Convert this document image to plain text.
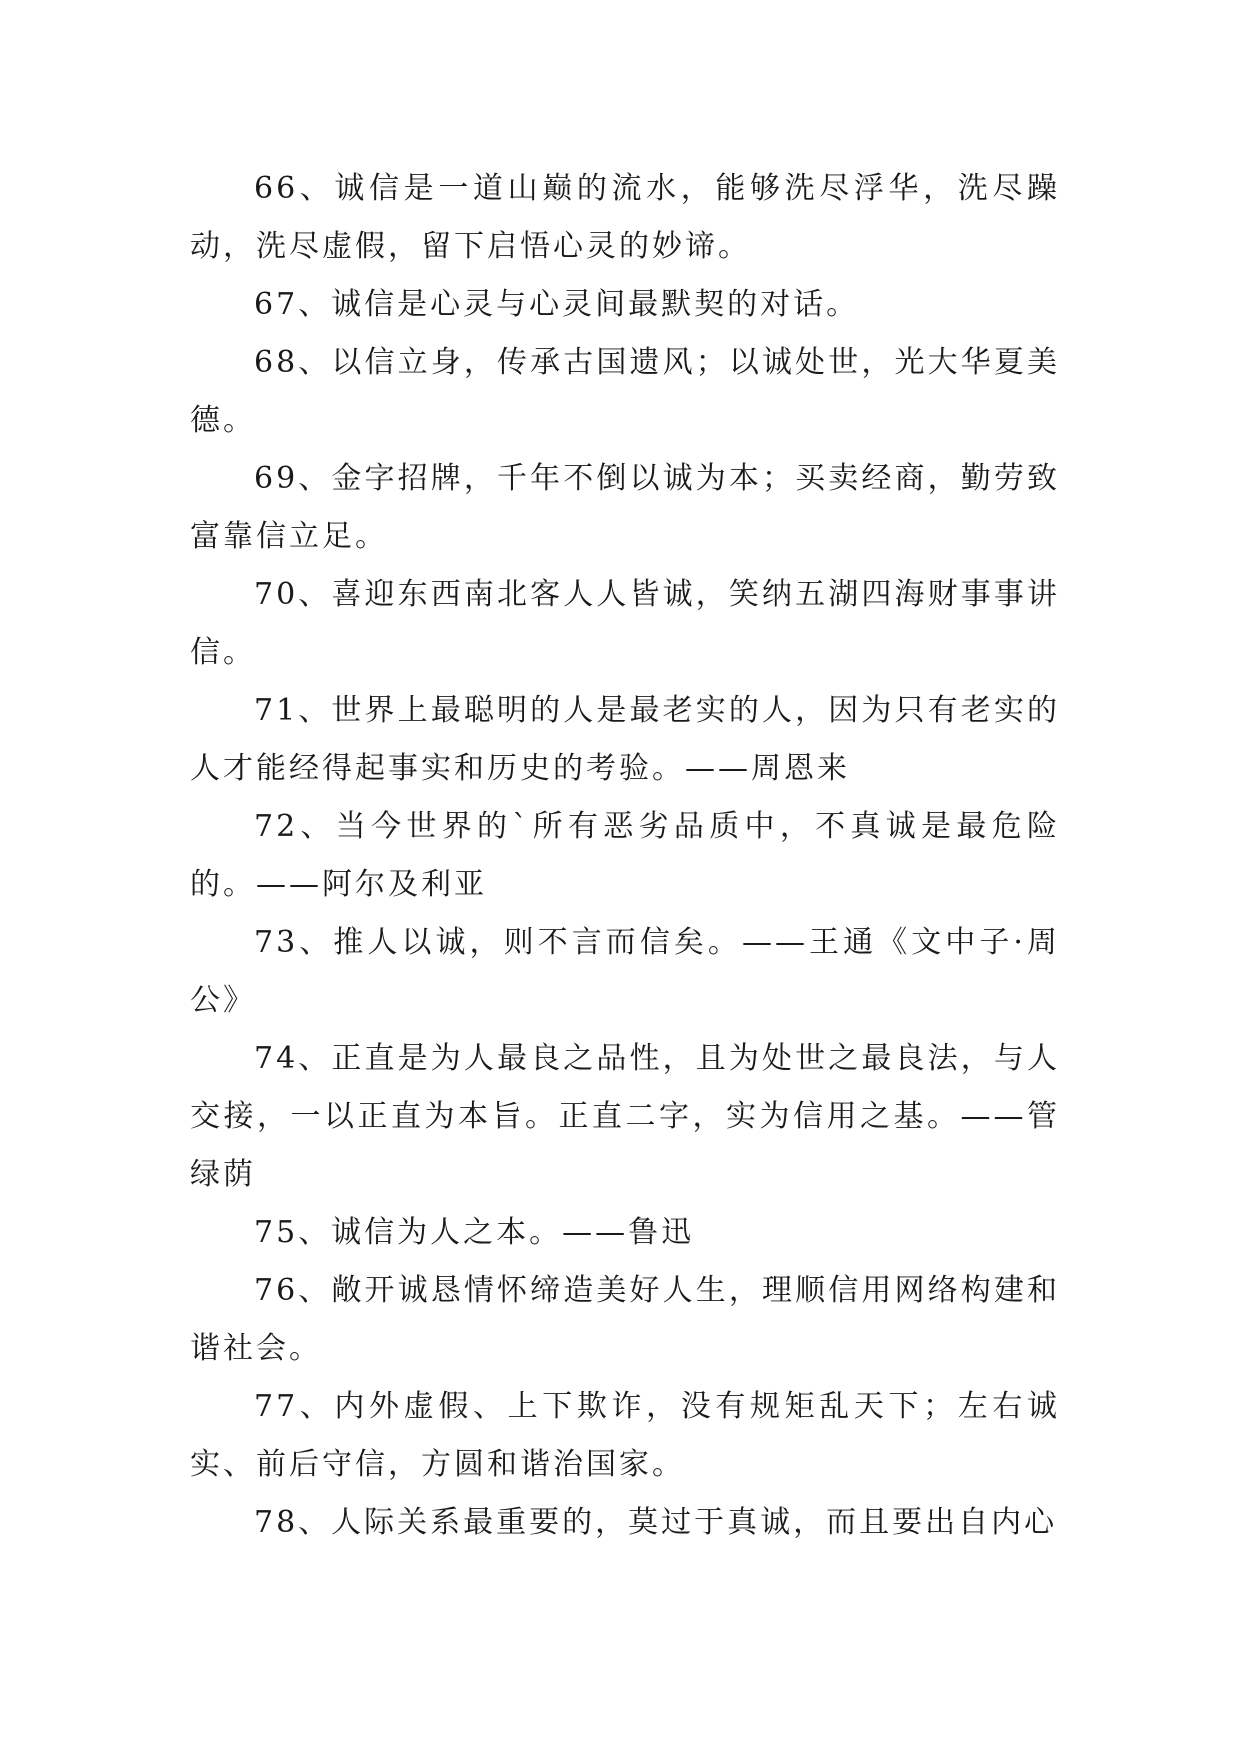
66、诚信是一道山巅的流水，能够洗尽浮华，洗尽躁动，洗尽虚假，留下启悟心灵的妙谛。

67、诚信是心灵与心灵间最默契的对话。

68、以信立身，传承古国遗风；以诚处世，光大华夏美德。

69、金字招牌，千年不倒以诚为本；买卖经商，勤劳致富靠信立足。

70、喜迎东西南北客人人皆诚，笑纳五湖四海财事事讲信。

71、世界上最聪明的人是最老实的人，因为只有老实的人才能经得起事实和历史的考验。——周恩来

72、当今世界的`所有恶劣品质中，不真诚是最危险的。——阿尔及利亚

73、推人以诚，则不言而信矣。——王通《文中子·周公》

74、正直是为人最良之品性，且为处世之最良法，与人交接，一以正直为本旨。正直二字，实为信用之基。——管绿荫

75、诚信为人之本。——鲁迅

76、敞开诚恳情怀缔造美好人生，理顺信用网络构建和谐社会。

77、内外虚假、上下欺诈，没有规矩乱天下；左右诚实、前后守信，方圆和谐治国家。

78、人际关系最重要的，莫过于真诚，而且要出自内心
